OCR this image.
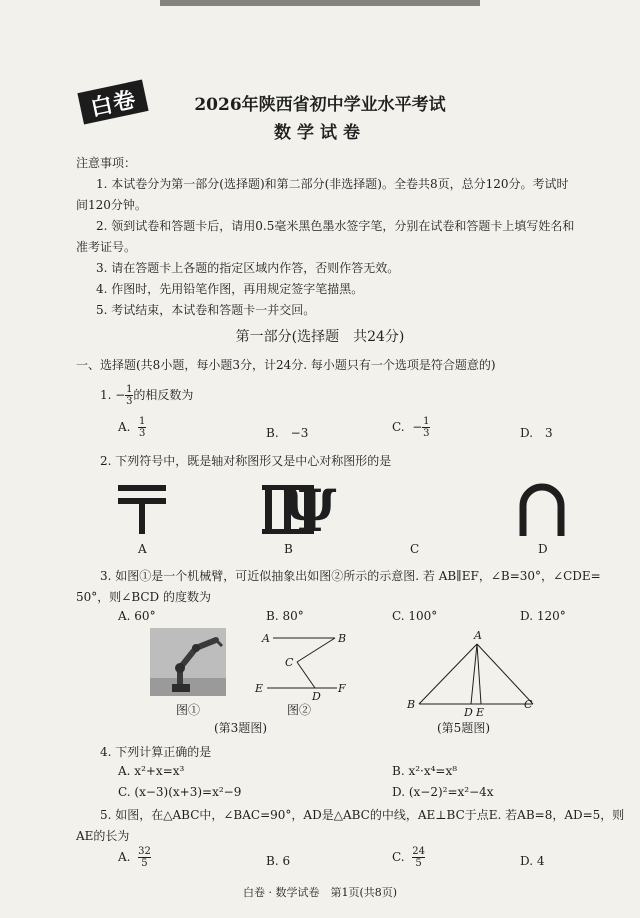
白卷	2026年陕西省初中学业水平考试
数学试卷
注意事项：
1. 本试卷分为第一部分(选择题)和第二部分(非选择题)。全卷共8页，总分120分。考试时
间120分钟。
2. 领到试卷和答题卡后，请用0.5毫米黑色墨水签字笔，分别在试卷和答题卡上填写姓名和
准考证号。
3. 请在答题卡上各题的指定区域内作答，否则作答无效。
4. 作图时，先用铅笔作图，再用规定签字笔描黑。
5. 考试结束，本试卷和答题卡一并交回。
第一部分(选择题　共24分)
一、选择题(共8小题，每小题3分，计24分. 每小题只有一个选项是符合题意的)
1. − $\frac{1}{3}$ 的相反数为
A. $\frac{1}{3}$	B.　−3	C. − $\frac{1}{3}$	D.　3
2. 下列符号中，既是轴对称图形又是中心对称图形的是
Ψ
A	B	C	D
3. 如图①是一个机械臂，可近似抽象出如图②所示的示意图. 若 AB∥EF，∠B=30°，∠CDE=
50°，则∠BCD 的度数为
A. 60°	B. 80°	C. 100°	D. 120°
图①
A	B
C
D
E	F
图②
(第3题图)
A
B	C
D E
(第5题图)
4. 下列计算正确的是
A. x²+x=x³	B. x²·x⁴=x⁸
C. (x−3)(x+3)=x²−9	D. (x−2)²=x²−4x
5. 如图，在△ABC中，∠BAC=90°，AD是△ABC的中线，AE⊥BC于点E. 若AB=8，AD=5，则
AE的长为
A. $\frac{32}{5}$	B. 6	C. $\frac{24}{5}$	D. 4
白卷 · 数学试卷　第1页(共8页)
